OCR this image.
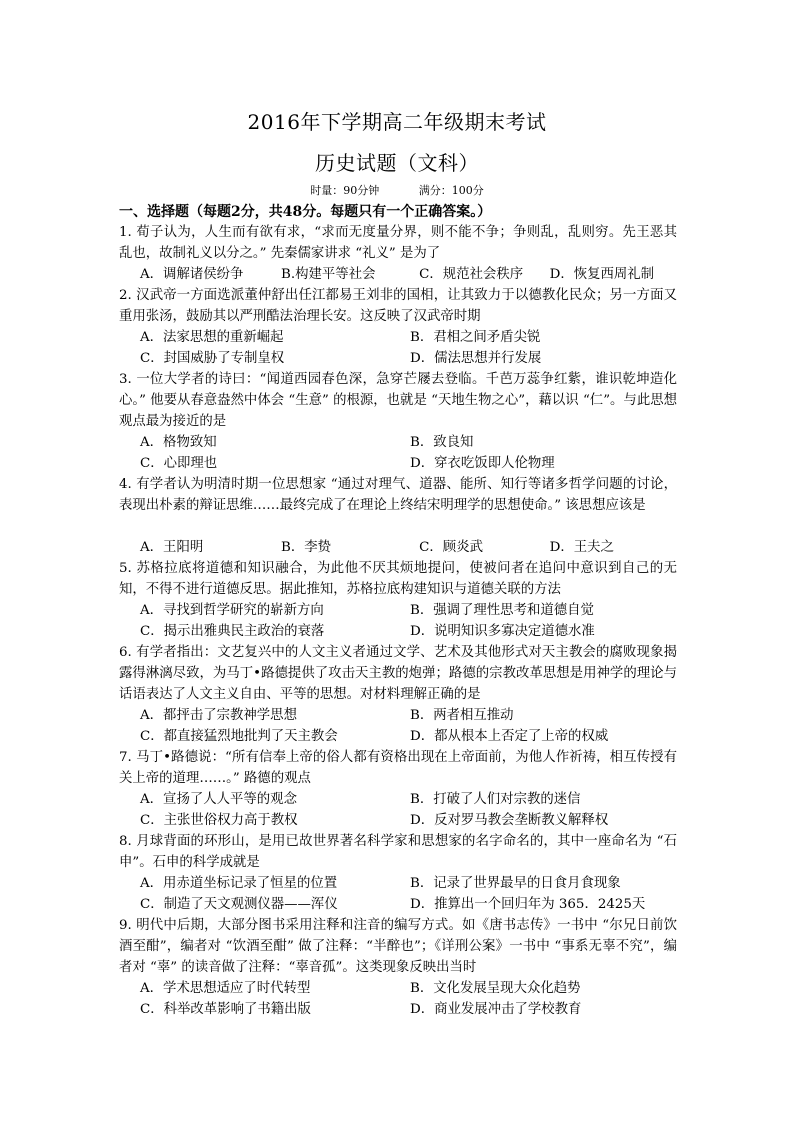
2016年下学期高二年级期末考试
历史试题（文科）
时量：90分钟	满分：100分
一、选择题（每题2分，共48分。每题只有一个正确答案。）
1. 荀子认为，人生而有欲有求，“求而无度量分界，则不能不争；争则乱，乱则穷。先王恶其乱也，故制礼义以分之。” 先秦儒家讲求 “礼义” 是为了
A．调解诸侯纷争	B.构建平等社会	C．规范社会秩序	D．恢复西周礼制
2. 汉武帝一方面选派董仲舒出任江都易王刘非的国相，让其致力于以德教化民众；另一方面又重用张汤，鼓励其以严刑酷法治理长安。这反映了汉武帝时期
A．法家思想的重新崛起	B．君相之间矛盾尖锐
C．封国威胁了专制皇权	D．儒法思想并行发展
3. 一位大学者的诗曰：“闻道西园春色深，急穿芒屦去登临。千芭万蕊争红紫，谁识乾坤造化心。” 他要从春意盎然中体会 “生意” 的根源，也就是 “天地生物之心”，藉以识 “仁”。与此思想观点最为接近的是
A．格物致知	B．致良知
C．心即理也	D．穿衣吃饭即人伦物理
4. 有学者认为明清时期一位思想家 “通过对理气、道器、能所、知行等诸多哲学问题的讨论，表现出朴素的辩证思维……最终完成了在理论上终结宋明理学的思想使命。” 该思想应该是
A．王阳明	B．李贽	C．顾炎武	D．王夫之
5. 苏格拉底将道德和知识融合，为此他不厌其烦地提问，使被问者在追问中意识到自己的无知，不得不进行道德反思。据此推知，苏格拉底构建知识与道德关联的方法
A．寻找到哲学研究的崭新方向	B．强调了理性思考和道德自觉
C．揭示出雅典民主政治的衰落	D．说明知识多寡决定道德水准
6. 有学者指出：文艺复兴中的人文主义者通过文学、艺术及其他形式对天主教会的腐败现象揭露得淋漓尽致，为马丁•路德提供了攻击天主教的炮弹；路德的宗教改革思想是用神学的理论与话语表达了人文主义自由、平等的思想。对材料理解正确的是
A．都抨击了宗教神学思想	B．两者相互推动
C．都直接猛烈地批判了天主教会	D．都从根本上否定了上帝的权威
7. 马丁•路德说：“所有信奉上帝的俗人都有资格出现在上帝面前，为他人作祈祷，相互传授有关上帝的道理……。” 路德的观点
A．宣扬了人人平等的观念	B．打破了人们对宗教的迷信
C．主张世俗权力高于教权	D．反对罗马教会垄断教义解释权
8. 月球背面的环形山，是用已故世界著名科学家和思想家的名字命名的，其中一座命名为 “石申”。石申的科学成就是
A．用赤道坐标记录了恒星的位置	B．记录了世界最早的日食月食现象
C．制造了天文观测仪器——浑仪	D．推算出一个回归年为 365．2425天
9. 明代中后期，大部分图书采用注释和注音的编写方式。如《唐书志传》一书中 “尔兄日前饮酒至酣”，编者对 “饮酒至酣” 做了注释：“半醉也”；《详刑公案》一书中 “事系无辜不究”，编者对 “辜” 的读音做了注释：“辜音孤”。这类现象反映出当时
A．学术思想适应了时代转型	B．文化发展呈现大众化趋势
C．科举改革影响了书籍出版	D．商业发展冲击了学校教育
